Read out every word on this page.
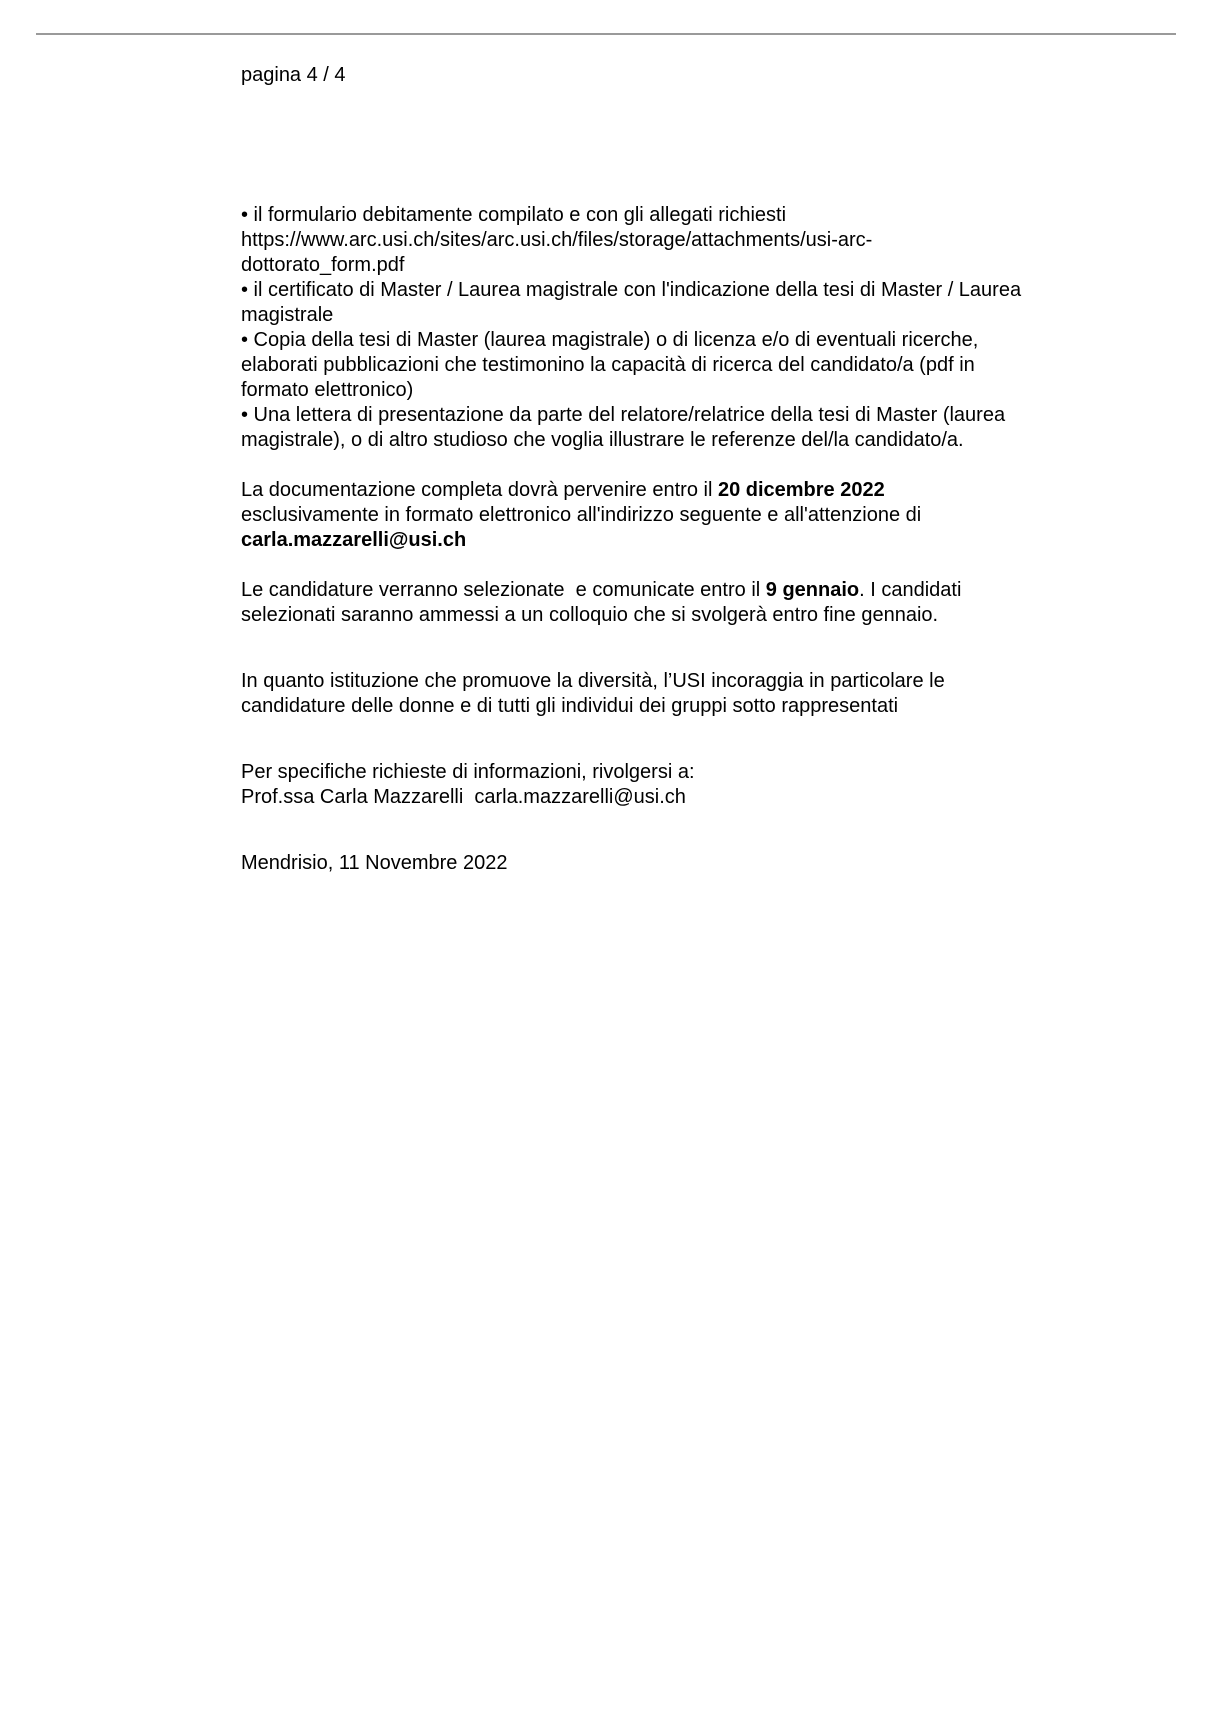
pagina 4 / 4
• il formulario debitamente compilato e con gli allegati richiesti
https://www.arc.usi.ch/sites/arc.usi.ch/files/storage/attachments/usi-arc-
dottorato_form.pdf
• il certificato di Master / Laurea magistrale con l'indicazione della tesi di Master / Laurea
magistrale
• Copia della tesi di Master (laurea magistrale) o di licenza e/o di eventuali ricerche,
elaborati pubblicazioni che testimonino la capacità di ricerca del candidato/a (pdf in
formato elettronico)
• Una lettera di presentazione da parte del relatore/relatrice della tesi di Master (laurea
magistrale), o di altro studioso che voglia illustrare le referenze del/la candidato/a.
La documentazione completa dovrà pervenire entro il 20 dicembre 2022
esclusivamente in formato elettronico all'indirizzo seguente e all'attenzione di
carla.mazzarelli@usi.ch
Le candidature verranno selezionate  e comunicate entro il 9 gennaio. I candidati
selezionati saranno ammessi a un colloquio che si svolgerà entro fine gennaio.
In quanto istituzione che promuove la diversità, l’USI incoraggia in particolare le
candidature delle donne e di tutti gli individui dei gruppi sotto rappresentati
Per specifiche richieste di informazioni, rivolgersi a:
Prof.ssa Carla Mazzarelli  carla.mazzarelli@usi.ch
Mendrisio, 11 Novembre 2022
